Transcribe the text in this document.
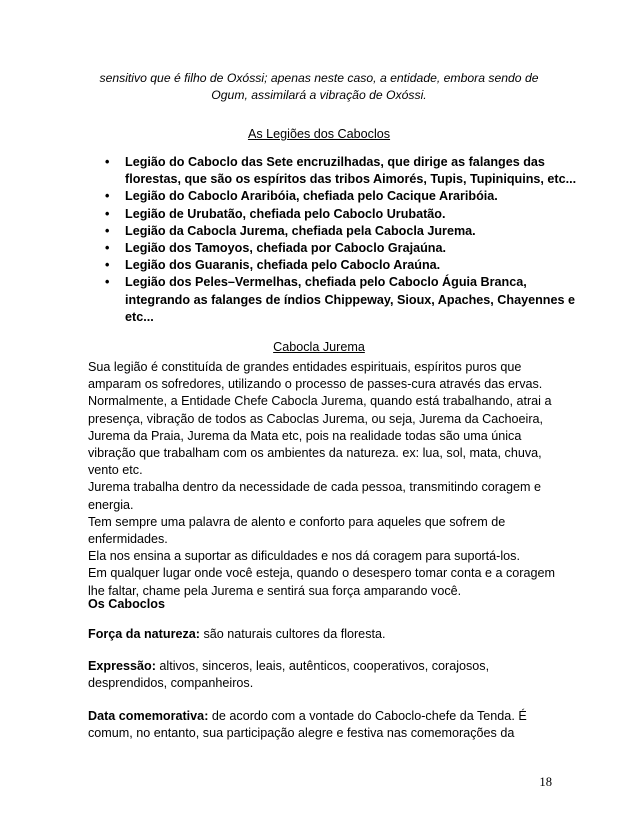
sensitivo que é filho de Oxóssi; apenas neste caso, a entidade, embora sendo de
Ogum, assimilará a vibração de Oxóssi.
As Legiões dos Caboclos
• Legião do Caboclo das Sete encruzilhadas, que dirige as falanges das florestas, que são os espíritos das tribos Aimorés, Tupis, Tupiniquins, etc...
• Legião do Caboclo Araribóia, chefiada pelo Cacique Araribóia.
• Legião de Urubatão, chefiada pelo Caboclo Urubatão.
• Legião da Cabocla Jurema, chefiada pela Cabocla Jurema.
• Legião dos Tamoyos, chefiada por Caboclo Grajaúna.
• Legião dos Guaranis, chefiada pelo Caboclo Araúna.
• Legião dos Peles–Vermelhas, chefiada pelo Caboclo Águia Branca, integrando as falanges de índios Chippeway, Sioux, Apaches, Chayennes e etc...
Cabocla Jurema

Sua legião é constituída de grandes entidades espirituais, espíritos puros que amparam os sofredores, utilizando o processo de passes-cura através das ervas.

Normalmente, a Entidade Chefe Cabocla Jurema, quando está trabalhando, atrai a presença, vibração de todos as Caboclas Jurema, ou seja, Jurema da Cachoeira, Jurema da Praia, Jurema da Mata etc, pois na realidade todas são uma única vibração que trabalham com os ambientes da natureza. ex: lua, sol, mata, chuva, vento etc.

Jurema trabalha dentro da necessidade de cada pessoa, transmitindo coragem e energia.

Tem sempre uma palavra de alento e conforto para aqueles que sofrem de enfermidades.

Ela nos ensina a suportar as dificuldades e nos dá coragem para suportá-los.

Em qualquer lugar onde você esteja, quando o desespero tomar conta e a coragem lhe faltar, chame pela Jurema e sentirá sua força amparando você.

Os Caboclos
Força da natureza: são naturais cultores da floresta.
Expressão: altivos, sinceros, leais, autênticos, cooperativos, corajosos, desprendidos, companheiros.
Data comemorativa: de acordo com a vontade do Caboclo-chefe da Tenda. É comum, no entanto, sua participação alegre e festiva nas comemorações da
18
